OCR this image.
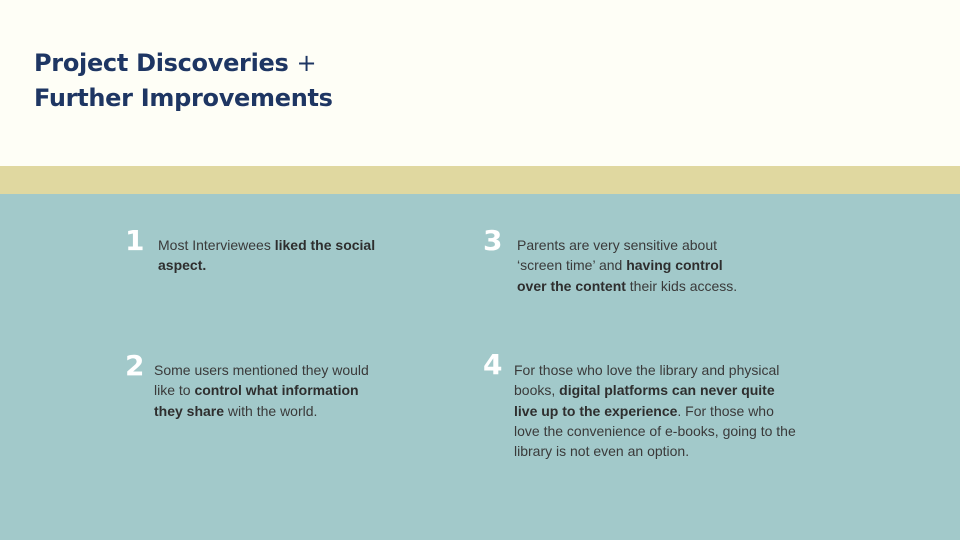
Project Discoveries +
Further Improvements
1 Most Interviewees liked the social aspect.

2 Some users mentioned they would like to control what information they share with the world.

3 Parents are very sensitive about ‘screen time’ and having control over the content their kids access.

4 For those who love the library and physical books, digital platforms can never quite live up to the experience. For those who love the convenience of e-books, going to the library is not even an option.
